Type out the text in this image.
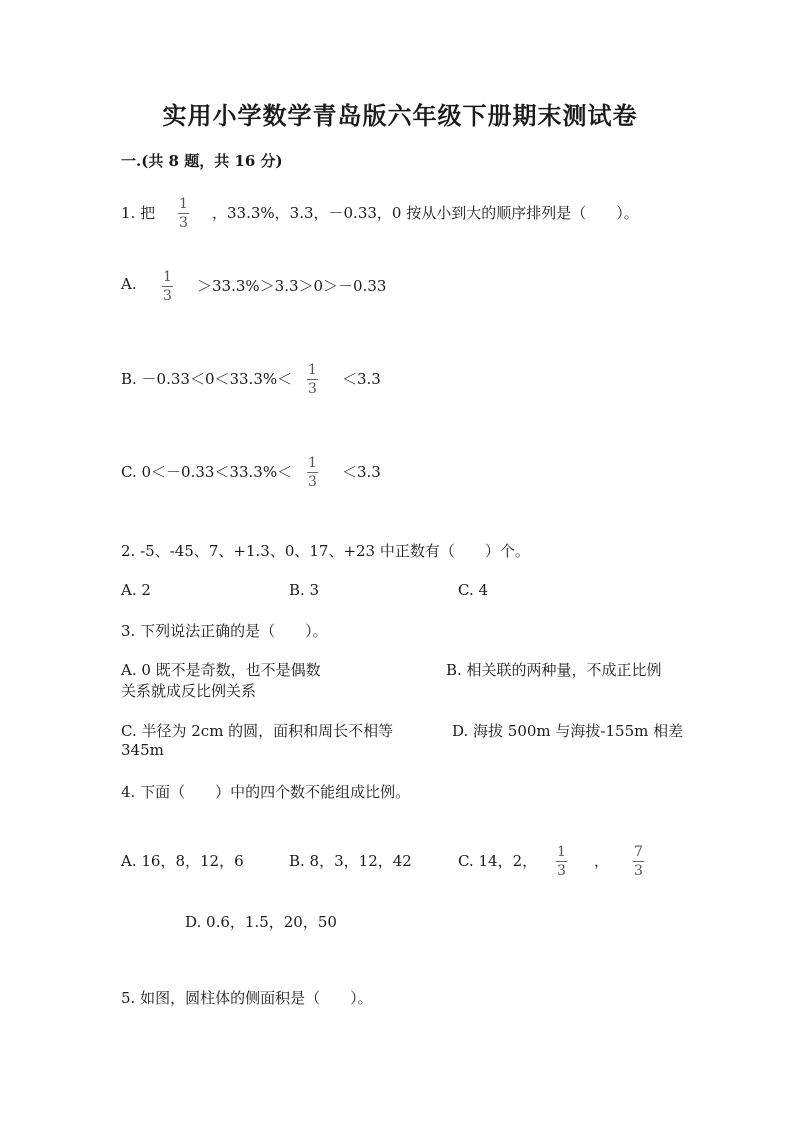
实用小学数学青岛版六年级下册期末测试卷
一.(共 8 题，共 16 分)
1. 把 1
3
，33.3%，3.3，－0.33，0 按从小到大的顺序排列是（　　）。
A. 1
3
＞33.3%＞3.3＞0＞－0.33
B. －0.33＜0＜33.3%＜ 1
3
＜3.3
C. 0＜－0.33＜33.3%＜ 1
3
＜3.3
2. -5、-45、7、+1.3、0、17、+23 中正数有（　　）个。
A. 2	B. 3	C. 4
3. 下列说法正确的是（　　）。
A. 0 既不是奇数，也不是偶数	B. 相关联的两种量，不成正比例
关系就成反比例关系
C. 半径为 2cm 的圆，面积和周长不相等	D. 海拔 500m 与海拔-155m 相差
345m
4. 下面（　　）中的四个数不能组成比例。
A. 16，8，12，6	B. 8，3，12，42	C. 14，2， 1
3
， 7
3
D. 0.6，1.5，20，50
5. 如图，圆柱体的侧面积是（　　）。
